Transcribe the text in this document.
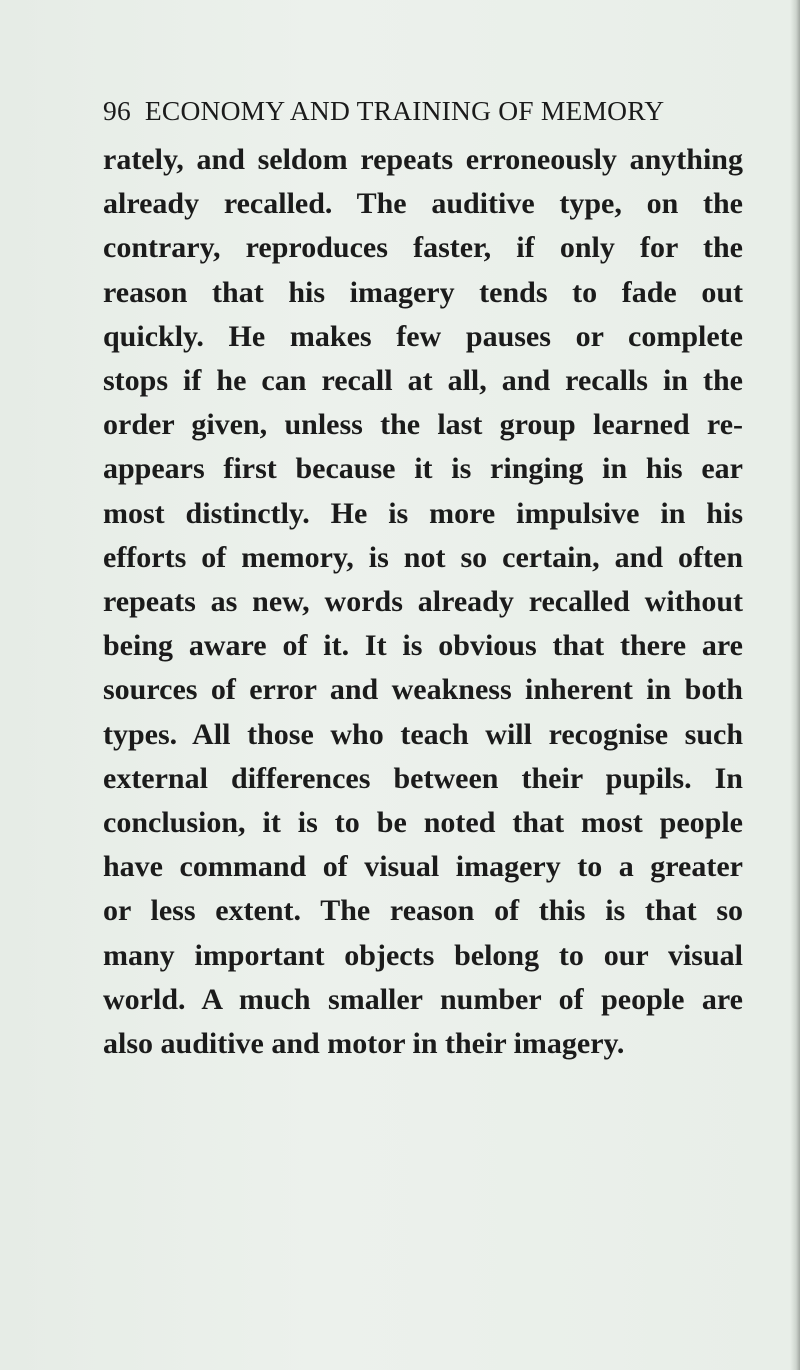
96 ECONOMY AND TRAINING OF MEMORY
rately, and seldom repeats erroneously anything
already recalled. The auditive type, on the
contrary, reproduces faster, if only for the
reason that his imagery tends to fade out
quickly. He makes few pauses or complete
stops if he can recall at all, and recalls in the
order given, unless the last group learned re-
appears first because it is ringing in his ear
most distinctly. He is more impulsive in his
efforts of memory, is not so certain, and often
repeats as new, words already recalled without
being aware of it. It is obvious that there are
sources of error and weakness inherent in both
types. All those who teach will recognise such
external differences between their pupils. In
conclusion, it is to be noted that most people
have command of visual imagery to a greater
or less extent. The reason of this is that so
many important objects belong to our visual
world. A much smaller number of people are
also auditive and motor in their imagery.
